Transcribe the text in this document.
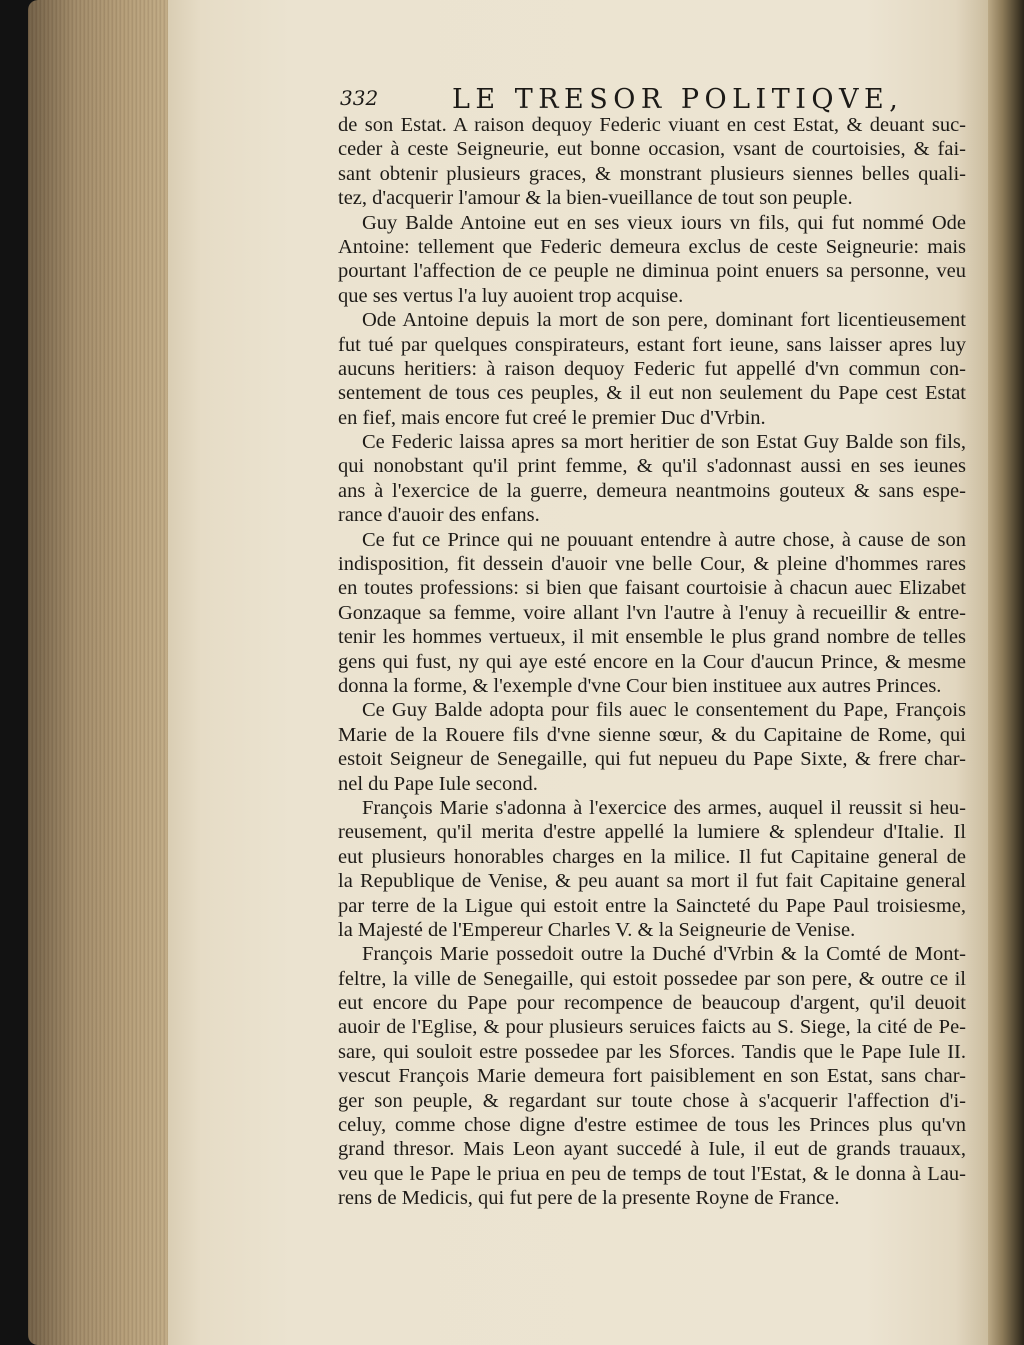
332	LE TRESOR POLITIQVE,
de son Estat. A raison dequoy Federic viuant en cest Estat, & deuant suc-
ceder à ceste Seigneurie, eut bonne occasion, vsant de courtoisies, & fai-
sant obtenir plusieurs graces, & monstrant plusieurs siennes belles quali-
tez, d'acquerir l'amour & la bien-vueillance de tout son peuple.
Guy Balde Antoine eut en ses vieux iours vn fils, qui fut nommé Ode
Antoine: tellement que Federic demeura exclus de ceste Seigneurie: mais
pourtant l'affection de ce peuple ne diminua point enuers sa personne, veu
que ses vertus l'a luy auoient trop acquise.
Ode Antoine depuis la mort de son pere, dominant fort licentieusement
fut tué par quelques conspirateurs, estant fort ieune, sans laisser apres luy
aucuns heritiers: à raison dequoy Federic fut appellé d'vn commun con-
sentement de tous ces peuples, & il eut non seulement du Pape cest Estat
en fief, mais encore fut creé le premier Duc d'Vrbin.
Ce Federic laissa apres sa mort heritier de son Estat Guy Balde son fils,
qui nonobstant qu'il print femme, & qu'il s'adonnast aussi en ses ieunes
ans à l'exercice de la guerre, demeura neantmoins gouteux & sans espe-
rance d'auoir des enfans.
Ce fut ce Prince qui ne pouuant entendre à autre chose, à cause de son
indisposition, fit dessein d'auoir vne belle Cour, & pleine d'hommes rares
en toutes professions: si bien que faisant courtoisie à chacun auec Elizabet
Gonzaque sa femme, voire allant l'vn l'autre à l'enuy à recueillir & entre-
tenir les hommes vertueux, il mit ensemble le plus grand nombre de telles
gens qui fust, ny qui aye esté encore en la Cour d'aucun Prince, & mesme
donna la forme, & l'exemple d'vne Cour bien instituee aux autres Princes.
Ce Guy Balde adopta pour fils auec le consentement du Pape, François
Marie de la Rouere fils d'vne sienne sœur, & du Capitaine de Rome, qui
estoit Seigneur de Senegaille, qui fut nepueu du Pape Sixte, & frere char-
nel du Pape Iule second.
François Marie s'adonna à l'exercice des armes, auquel il reussit si heu-
reusement, qu'il merita d'estre appellé la lumiere & splendeur d'Italie. Il
eut plusieurs honorables charges en la milice. Il fut Capitaine general de
la Republique de Venise, & peu auant sa mort il fut fait Capitaine general
par terre de la Ligue qui estoit entre la Saincteté du Pape Paul troisiesme,
la Majesté de l'Empereur Charles V. & la Seigneurie de Venise.
François Marie possedoit outre la Duché d'Vrbin & la Comté de Mont-
feltre, la ville de Senegaille, qui estoit possedee par son pere, & outre ce il
eut encore du Pape pour recompence de beaucoup d'argent, qu'il deuoit
auoir de l'Eglise, & pour plusieurs seruices faicts au S. Siege, la cité de Pe-
sare, qui souloit estre possedee par les Sforces. Tandis que le Pape Iule II.
vescut François Marie demeura fort paisiblement en son Estat, sans char-
ger son peuple, & regardant sur toute chose à s'acquerir l'affection d'i-
celuy, comme chose digne d'estre estimee de tous les Princes plus qu'vn
grand thresor. Mais Leon ayant succedé à Iule, il eut de grands trauaux,
veu que le Pape le priua en peu de temps de tout l'Estat, & le donna à Lau-
rens de Medicis, qui fut pere de la presente Royne de France.
